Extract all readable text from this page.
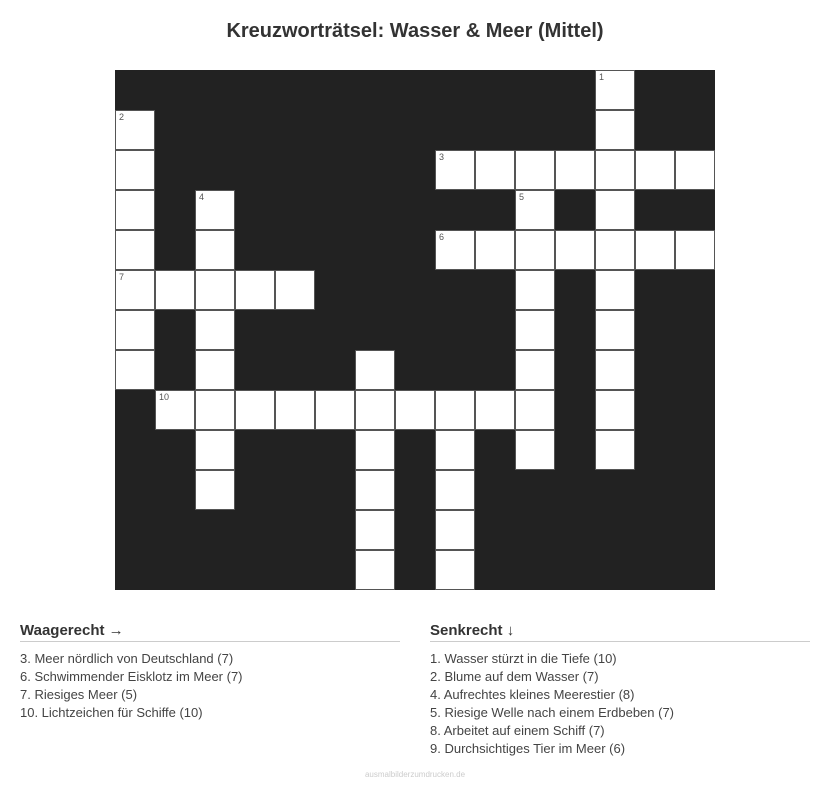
Kreuzworträtsel: Wasser & Meer (Mittel)
1
2
7
3
4	5
6
10
Waagerecht →
3. Meer nördlich von Deutschland (7)
6. Schwimmender Eisklotz im Meer (7)
7. Riesiges Meer (5)
10. Lichtzeichen für Schiffe (10)
Senkrecht ↓
1. Wasser stürzt in die Tiefe (10)
2. Blume auf dem Wasser (7)
4. Aufrechtes kleines Meerestier (8)
5. Riesige Welle nach einem Erdbeben (7)
8. Arbeitet auf einem Schiff (7)
9. Durchsichtiges Tier im Meer (6)
ausmalbilderzumdrucken.de
